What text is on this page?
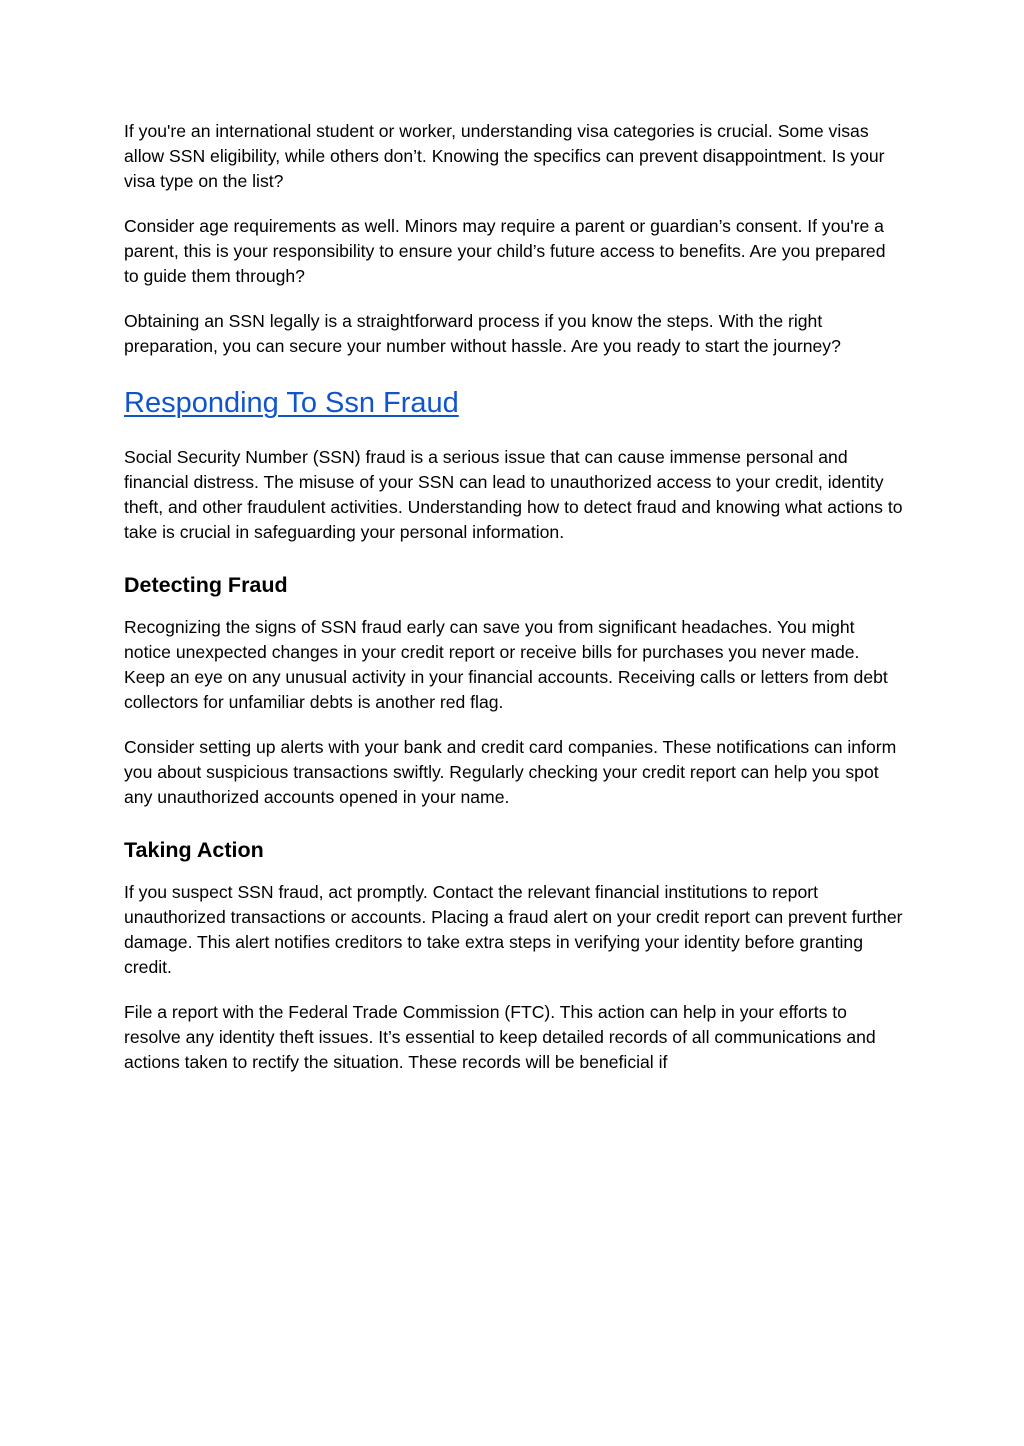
If you're an international student or worker, understanding visa categories is crucial. Some visas allow SSN eligibility, while others don’t. Knowing the specifics can prevent disappointment. Is your visa type on the list?

Consider age requirements as well. Minors may require a parent or guardian’s consent. If you're a parent, this is your responsibility to ensure your child’s future access to benefits. Are you prepared to guide them through?

Obtaining an SSN legally is a straightforward process if you know the steps. With the right preparation, you can secure your number without hassle. Are you ready to start the journey?

Responding To Ssn Fraud

Social Security Number (SSN) fraud is a serious issue that can cause immense personal and financial distress. The misuse of your SSN can lead to unauthorized access to your credit, identity theft, and other fraudulent activities. Understanding how to detect fraud and knowing what actions to take is crucial in safeguarding your personal information.

Detecting Fraud

Recognizing the signs of SSN fraud early can save you from significant headaches. You might notice unexpected changes in your credit report or receive bills for purchases you never made. Keep an eye on any unusual activity in your financial accounts. Receiving calls or letters from debt collectors for unfamiliar debts is another red flag.

Consider setting up alerts with your bank and credit card companies. These notifications can inform you about suspicious transactions swiftly. Regularly checking your credit report can help you spot any unauthorized accounts opened in your name.

Taking Action

If you suspect SSN fraud, act promptly. Contact the relevant financial institutions to report unauthorized transactions or accounts. Placing a fraud alert on your credit report can prevent further damage. This alert notifies creditors to take extra steps in verifying your identity before granting credit.

File a report with the Federal Trade Commission (FTC). This action can help in your efforts to resolve any identity theft issues. It’s essential to keep detailed records of all communications and actions taken to rectify the situation. These records will be beneficial if
